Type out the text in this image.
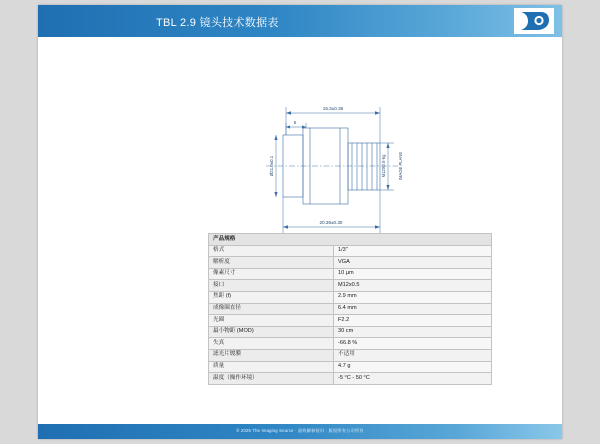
TBL 2.9 镜头技术数据表
15.3±0.36
5
20.36±0.30
Ø21.0±0.1	M12X0.5-6g	IMAGE PLANE
产品规格	
格式	1/3"
解析度	VGA
像素尺寸	10 µm
接口	M12x0.5
焦距 (f)	2.9 mm
成像圈直径	6.4 mm
光圈	F2.2
最小物距 (MOD)	30 cm
失真	-66.8 %
滤光片镀膜	不适用
质量	4.7 g
温度（操作环境）	-5 °C - 50 °C
© 2026 The Imaging Source · 最终解释权归 · 版权所有公司所有
